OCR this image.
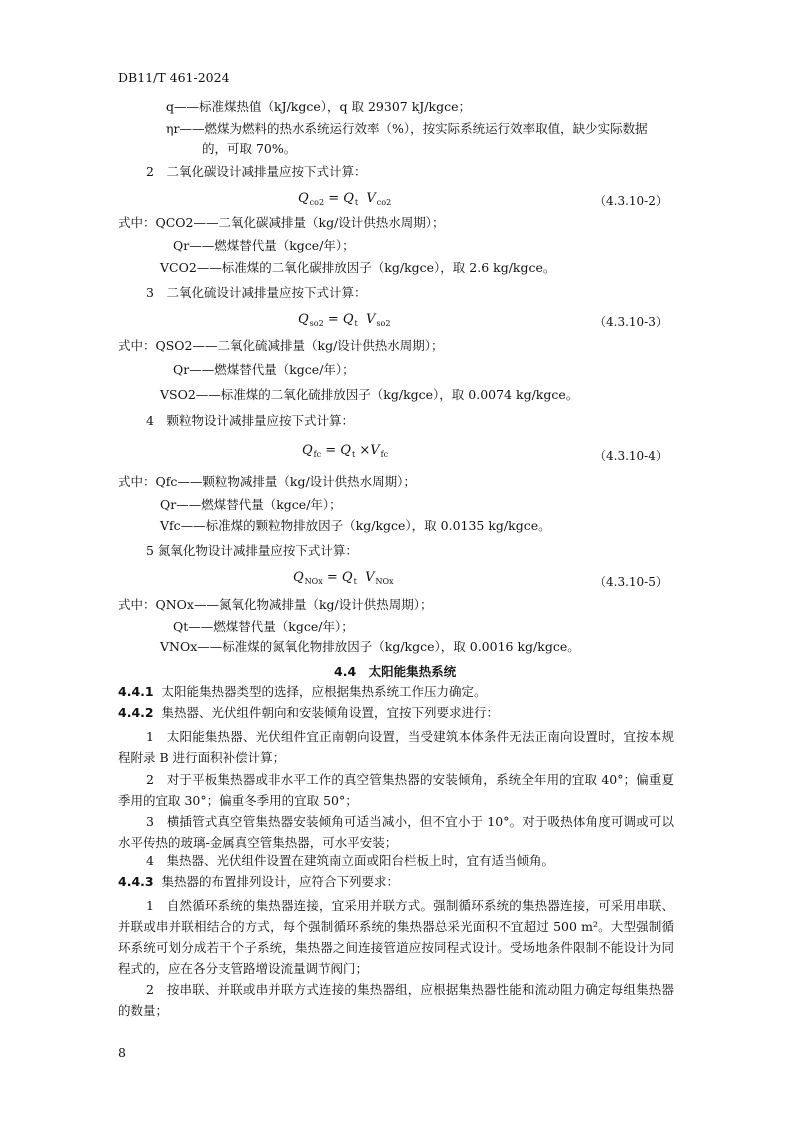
DB11/T 461-2024
q——标准煤热值（kJ/kgce），q 取 29307 kJ/kgce；
ηr——燃煤为燃料的热水系统运行效率（%），按实际系统运行效率取值，缺少实际数据
的，可取 70%。
2　二氧化碳设计减排量应按下式计算：
$Q_{co2} = Q_t$ $V_{co2}$	（4.3.10-2）
式中：QCO2——二氧化碳减排量（kg/设计供热水周期）；
Qr——燃煤替代量（kgce/年）；
VCO2——标准煤的二氧化碳排放因子（kg/kgce），取 2.6 kg/kgce。
3　二氧化硫设计减排量应按下式计算：
$Q_{so2} = Q_t$ $V_{so2}$	（4.3.10-3）
式中：QSO2——二氧化硫减排量（kg/设计供热水周期）；
Qr——燃煤替代量（kgce/年）；
VSO2——标准煤的二氧化硫排放因子（kg/kgce），取 0.0074 kg/kgce。
4　颗粒物设计减排量应按下式计算：
$Q_{fc} = Q_t \times V_{fc}$	（4.3.10-4）
式中：Qfc——颗粒物减排量（kg/设计供热水周期）；
Qr——燃煤替代量（kgce/年）；
Vfc——标准煤的颗粒物排放因子（kg/kgce），取 0.0135 kg/kgce。
5 氮氧化物设计减排量应按下式计算：
$Q_{NOx} = Q_t$ $V_{NOx}$	（4.3.10-5）
式中：QNOx——氮氧化物减排量（kg/设计供热周期）；
Qt——燃煤替代量（kgce/年）；
VNOx——标准煤的氮氧化物排放因子（kg/kgce），取 0.0016 kg/kgce。
4.4　太阳能集热系统
4.4.1 太阳能集热器类型的选择，应根据集热系统工作压力确定。
4.4.2 集热器、光伏组件朝向和安装倾角设置，宜按下列要求进行：
1　太阳能集热器、光伏组件宜正南朝向设置，当受建筑本体条件无法正南向设置时，宜按本规程附录 B 进行面积补偿计算；
2　对于平板集热器或非水平工作的真空管集热器的安装倾角，系统全年用的宜取 40°；偏重夏季用的宜取 30°；偏重冬季用的宜取 50°；
3　横插管式真空管集热器安装倾角可适当减小，但不宜小于 10°。对于吸热体角度可调或可以水平传热的玻璃-金属真空管集热器，可水平安装；
4　集热器、光伏组件设置在建筑南立面或阳台栏板上时，宜有适当倾角。
4.4.3 集热器的布置排列设计，应符合下列要求：
1　自然循环系统的集热器连接，宜采用并联方式。强制循环系统的集热器连接，可采用串联、并联或串并联相结合的方式，每个强制循环系统的集热器总采光面积不宜超过 500 m²。大型强制循环系统可划分成若干个子系统，集热器之间连接管道应按同程式设计。受场地条件限制不能设计为同程式的，应在各分支管路增设流量调节阀门；
2　按串联、并联或串并联方式连接的集热器组，应根据集热器性能和流动阻力确定每组集热器的数量；
8
